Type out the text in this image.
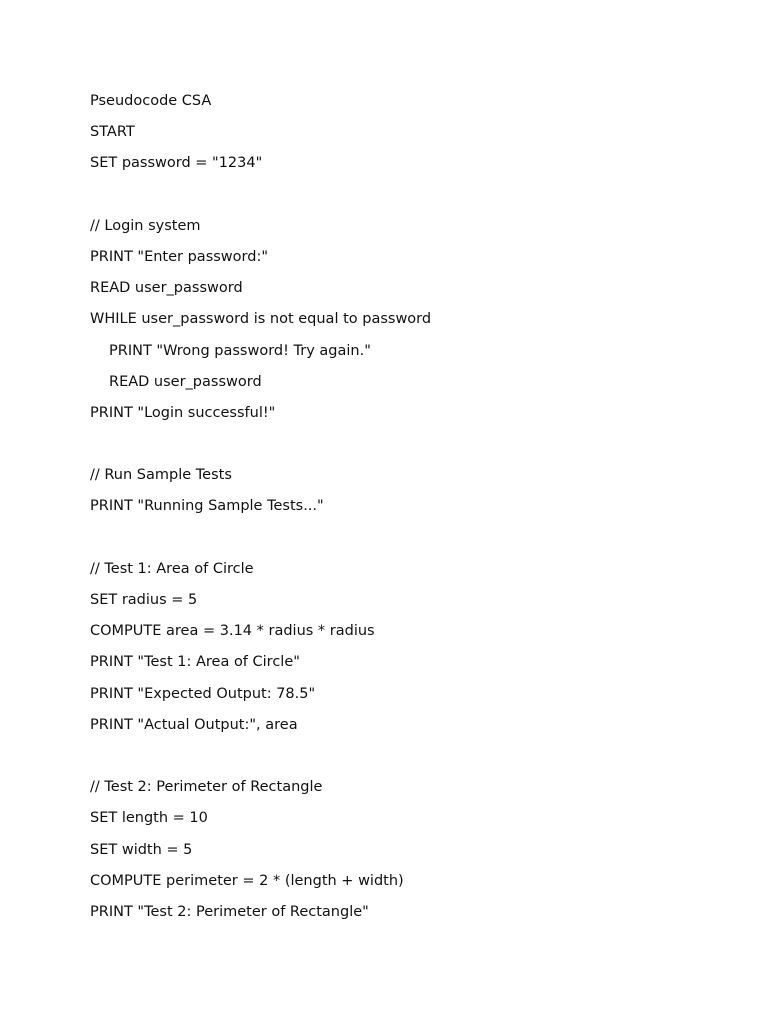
Pseudocode CSA
START
SET password = "1234"
// Login system
PRINT "Enter password:"
READ user_password
WHILE user_password is not equal to password
PRINT "Wrong password! Try again."
READ user_password
PRINT "Login successful!"
// Run Sample Tests
PRINT "Running Sample Tests..."
// Test 1: Area of Circle
SET radius = 5
COMPUTE area = 3.14 * radius * radius
PRINT "Test 1: Area of Circle"
PRINT "Expected Output: 78.5"
PRINT "Actual Output:", area
// Test 2: Perimeter of Rectangle
SET length = 10
SET width = 5
COMPUTE perimeter = 2 * (length + width)
PRINT "Test 2: Perimeter of Rectangle"
